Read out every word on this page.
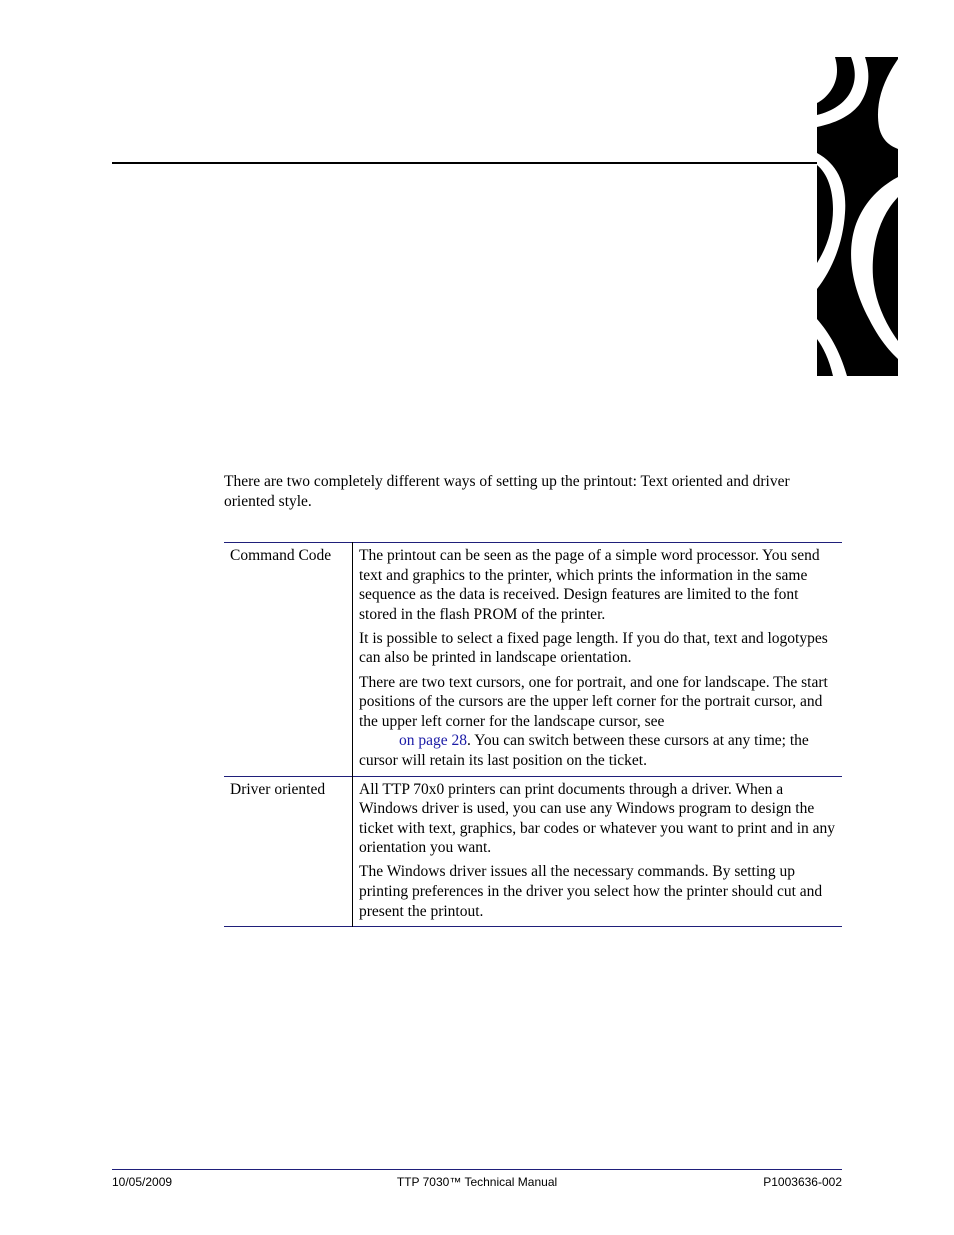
There are two completely different ways of setting up the printout: Text oriented and driver oriented style.

Command Code	The printout can be seen as the page of a simple word processor. You send text and graphics to the printer, which prints the information in the same sequence as the data is received. Design features are limited to the font stored in the flash PROM of the printer.

It is possible to select a fixed page length. If you do that, text and logotypes can also be printed in landscape orientation.

There are two text cursors, one for portrait, and one for landscape. The start positions of the cursors are the upper left corner for the portrait cursor, and the upper left corner for the landscape cursor, see
on page 28. You can switch between these cursors at any time; the cursor will retain its last position on the ticket.

Driver oriented	All TTP 70x0 printers can print documents through a driver. When a Windows driver is used, you can use any Windows program to design the ticket with text, graphics, bar codes or whatever you want to print and in any orientation you want.

The Windows driver issues all the necessary commands. By setting up printing preferences in the driver you select how the printer should cut and present the printout.

10/05/2009	TTP 7030™ Technical Manual	P1003636-002
